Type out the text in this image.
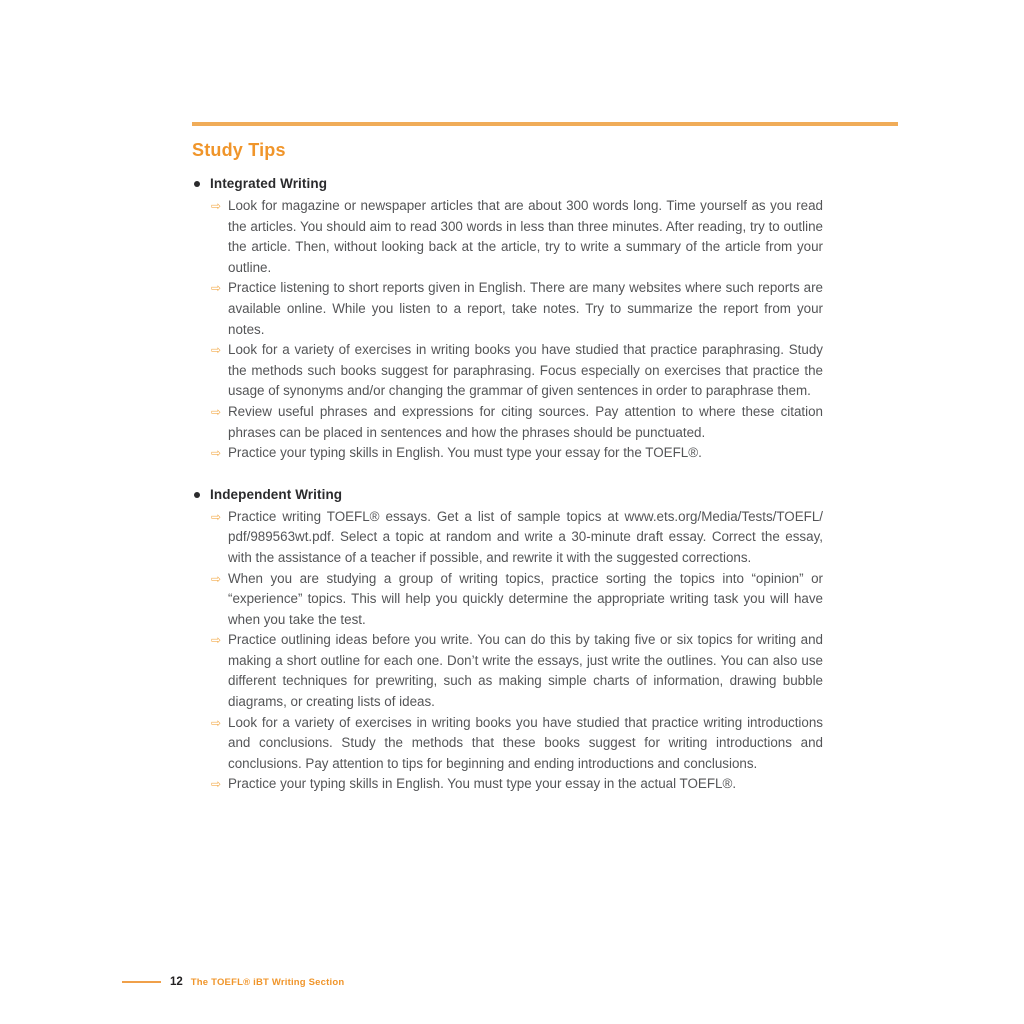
Study Tips
Integrated Writing
⇨ Look for magazine or newspaper articles that are about 300 words long. Time yourself as you read the articles. You should aim to read 300 words in less than three minutes. After reading, try to outline the article. Then, without looking back at the article, try to write a summary of the article from your outline.

⇨ Practice listening to short reports given in English. There are many websites where such reports are available online. While you listen to a report, take notes. Try to summarize the report from your notes.

⇨ Look for a variety of exercises in writing books you have studied that practice paraphrasing. Study the methods such books suggest for paraphrasing. Focus especially on exercises that practice the usage of synonyms and/or changing the grammar of given sentences in order to paraphrase them.

⇨ Review useful phrases and expressions for citing sources. Pay attention to where these citation phrases can be placed in sentences and how the phrases should be punctuated.

⇨ Practice your typing skills in English. You must type your essay for the TOEFL®.

Independent Writing
⇨ Practice writing TOEFL® essays. Get a list of sample topics at www.ets.org/Media/Tests/TOEFL/​pdf/989563wt.pdf. Select a topic at random and write a 30-minute draft essay. Correct the essay, with the assistance of a teacher if possible, and rewrite it with the suggested corrections.

⇨ When you are studying a group of writing topics, practice sorting the topics into “opinion” or “experience” topics. This will help you quickly determine the appropriate writing task you will have when you take the test.

⇨ Practice outlining ideas before you write. You can do this by taking five or six topics for writing and making a short outline for each one. Don’t write the essays, just write the outlines. You can also use different techniques for prewriting, such as making simple charts of information, drawing bubble diagrams, or creating lists of ideas.

⇨ Look for a variety of exercises in writing books you have studied that practice writing introductions and conclusions. Study the methods that these books suggest for writing introductions and conclusions. Pay attention to tips for beginning and ending introductions and conclusions.

⇨ Practice your typing skills in English. You must type your essay in the actual TOEFL®.

12 The TOEFL® iBT Writing Section
